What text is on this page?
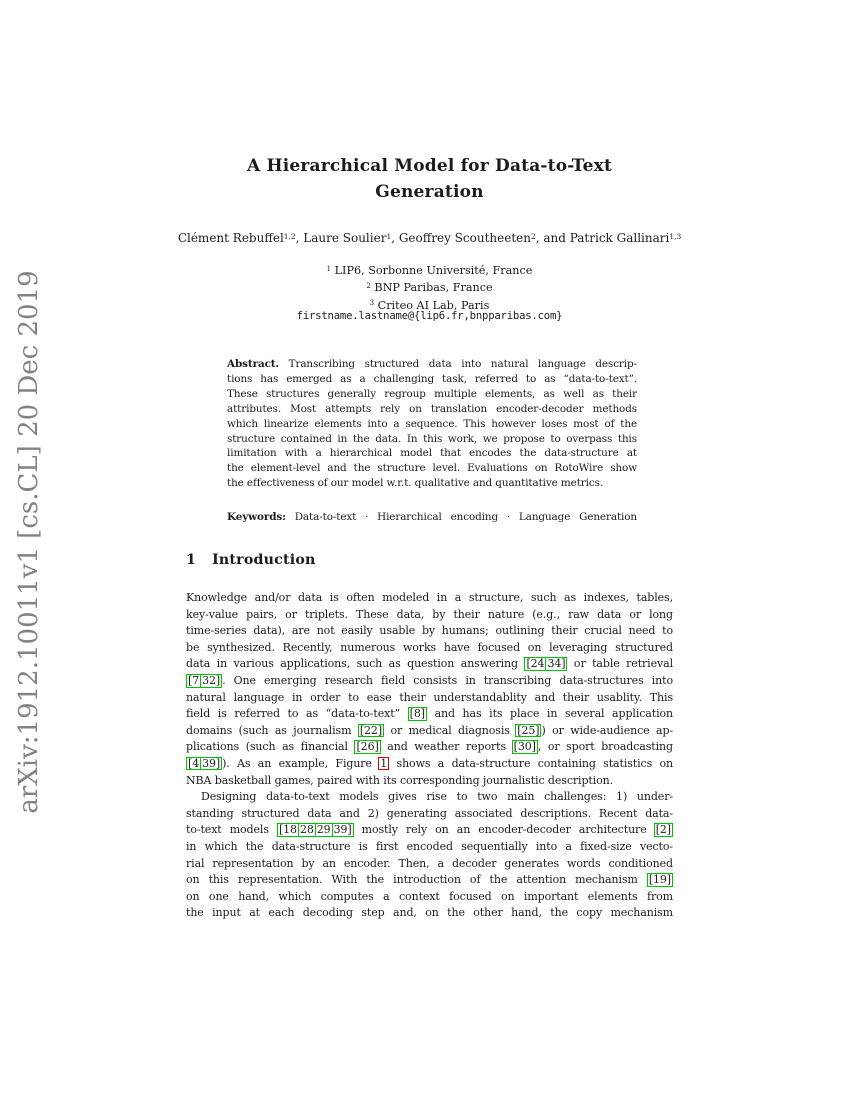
arXiv:1912.10011v1 [cs.CL] 20 Dec 2019
A Hierarchical Model for Data-to-Text
Generation
Clément Rebuffel$^{1,2}$, Laure Soulier$^1$, Geoffrey Scoutheeten$^2$, and Patrick Gallinari$^{1,3}$
$^1$ LIP6, Sorbonne Université, France
$^2$ BNP Paribas, France
$^3$ Criteo AI Lab, Paris
firstname.lastname@{lip6.fr,bnpparibas.com}
Abstract. Transcribing structured data into natural language descrip-
tions has emerged as a challenging task, referred to as “data-to-text”.
These structures generally regroup multiple elements, as well as their
attributes. Most attempts rely on translation encoder-decoder methods
which linearize elements into a sequence. This however loses most of the
structure contained in the data. In this work, we propose to overpass this
limitation with a hierarchical model that encodes the data-structure at
the element-level and the structure level. Evaluations on RotoWire show
the effectiveness of our model w.r.t. qualitative and quantitative metrics.
Keywords: Data-to-text · Hierarchical encoding · Language Generation
1 Introduction
Knowledge and/or data is often modeled in a structure, such as indexes, tables,
key-value pairs, or triplets. These data, by their nature (e.g., raw data or long
time-series data), are not easily usable by humans; outlining their crucial need to
be synthesized. Recently, numerous works have focused on leveraging structured
data in various applications, such as question answering [24 34] or table retrieval
[7 32] . One emerging research field consists in transcribing data-structures into
natural language in order to ease their understandablity and their usablity. This
field is referred to as “data-to-text” [8] and has its place in several application
domains (such as journalism [22] or medical diagnosis [25] ) or wide-audience ap-
plications (such as financial [26] and weather reports [30] , or sport broadcasting
[4 39] ). As an example, Figure 1 shows a data-structure containing statistics on
NBA basketball games, paired with its corresponding journalistic description.
Designing data-to-text models gives rise to two main challenges: 1) under-
standing structured data and 2) generating associated descriptions. Recent data-
to-text models [18 28 29 39] mostly rely on an encoder-decoder architecture [2]
in which the data-structure is first encoded sequentially into a fixed-size vecto-
rial representation by an encoder. Then, a decoder generates words conditioned
on this representation. With the introduction of the attention mechanism [19]
on one hand, which computes a context focused on important elements from
the input at each decoding step and, on the other hand, the copy mechanism
